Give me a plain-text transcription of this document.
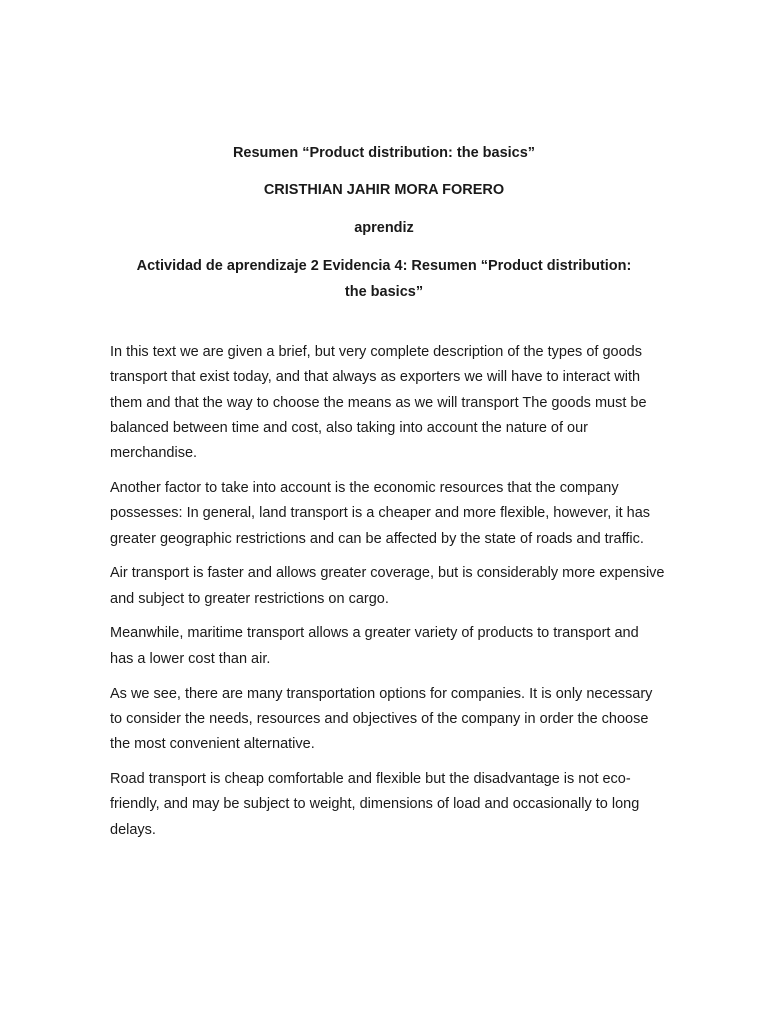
Resumen “Product distribution: the basics”
CRISTHIAN JAHIR MORA FORERO
aprendiz
Actividad de aprendizaje 2 Evidencia 4: Resumen “Product distribution:
the basics”

In this text we are given a brief, but very complete description of the types of goods transport that exist today, and that always as exporters we will have to interact with them and that the way to choose the means as we will transport The goods must be balanced between time and cost, also taking into account the nature of our merchandise.

Another factor to take into account is the economic resources that the company possesses: In general, land transport is a cheaper and more flexible, however, it has greater geographic restrictions and can be affected by the state of roads and traffic.

Air transport is faster and allows greater coverage, but is considerably more expensive and subject to greater restrictions on cargo.

Meanwhile, maritime transport allows a greater variety of products to transport and has a lower cost than air.

As we see, there are many transportation options for companies. It is only necessary to consider the needs, resources and objectives of the company in order the choose the most convenient alternative.

Road transport is cheap comfortable and flexible but the disadvantage is not eco-friendly, and may be subject to weight, dimensions of load and occasionally to long delays.
